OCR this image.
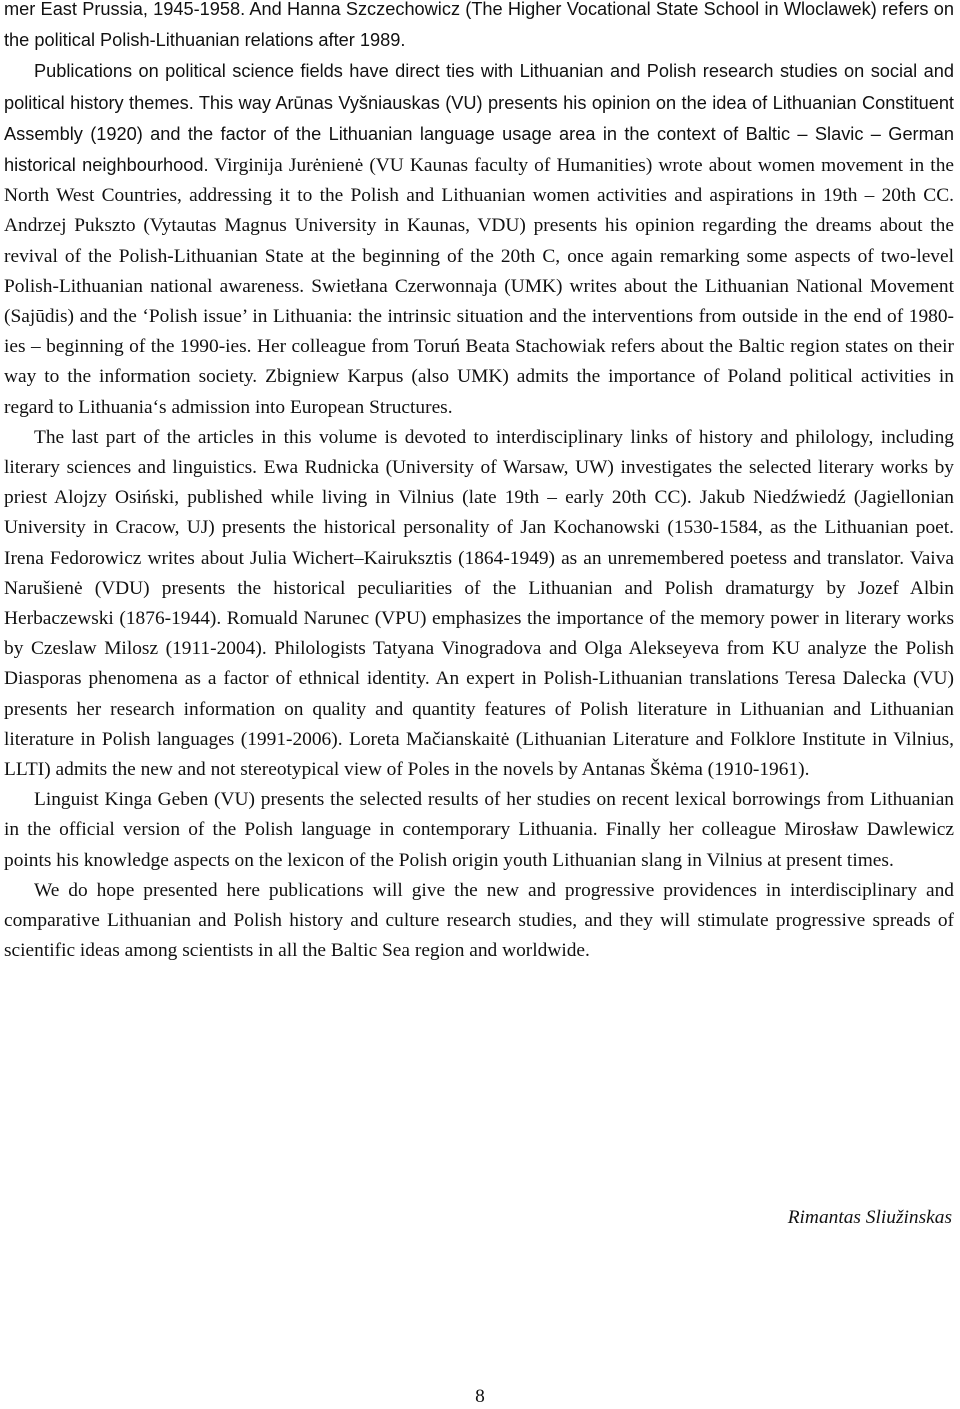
mer East Prussia, 1945-1958. And Hanna Szczechowicz (The Higher Vocational State School in Wloclawek) refers on the political Polish-Lithuanian relations after 1989.

Publications on political science fields have direct ties with Lithuanian and Polish research studies on social and political history themes. This way Arūnas Vyšniauskas (VU) presents his opinion on the idea of Lithuanian Constituent Assembly (1920) and the factor of the Lithuanian language usage area in the context of Baltic – Slavic – German historical neighbourhood. Virginija Jurėnienė (VU Kaunas faculty of Humanities) wrote about women movement in the North West Countries, addressing it to the Polish and Lithuanian women activities and aspirations in 19th – 20th CC. Andrzej Pukszto (Vytautas Magnus University in Kaunas, VDU) presents his opinion regarding the dreams about the revival of the Polish-Lithuanian State at the beginning of the 20th C, once again remarking some aspects of two-level Polish-Lithuanian national awareness. Swietłana Czerwonnaja (UMK) writes about the Lithuanian National Movement (Sajūdis) and the ‘Polish issue’ in Lithuania: the intrinsic situation and the interventions from outside in the end of 1980-ies – beginning of the 1990-ies. Her colleague from Toruń Beata Stachowiak refers about the Baltic region states on their way to the information society. Zbigniew Karpus (also UMK) admits the importance of Poland political activities in regard to Lithuania‘s admission into European Structures.

The last part of the articles in this volume is devoted to interdisciplinary links of history and philology, including literary sciences and linguistics. Ewa Rudnicka (University of Warsaw, UW) investigates the selected literary works by priest Alojzy Osiński, published while living in Vilnius (late 19th – early 20th CC). Jakub Niedźwiedź (Jagiellonian University in Cracow, UJ) presents the historical personality of Jan Kochanowski (1530-1584, as the Lithuanian poet. Irena Fedorowicz writes about Julia Wichert–Kairuksztis (1864-1949) as an unremembered poetess and translator. Vaiva Narušienė (VDU) presents the historical peculiarities of the Lithuanian and Polish dramaturgy by Jozef Albin Herbaczewski (1876-1944). Romuald Narunec (VPU) emphasizes the importance of the memory power in literary works by Czeslaw Milosz (1911-2004). Philologists Tatyana Vinogradova and Olga Alekseyeva from KU analyze the Polish Diasporas phenomena as a factor of ethnical identity. An expert in Polish-Lithuanian translations Teresa Dalecka (VU) presents her research information on quality and quantity features of Polish literature in Lithuanian and Lithuanian literature in Polish languages (1991-2006). Loreta Mačianskaitė (Lithuanian Literature and Folklore Institute in Vilnius, LLTI) admits the new and not stereotypical view of Poles in the novels by Antanas Škėma (1910-1961).

Linguist Kinga Geben (VU) presents the selected results of her studies on recent lexical borrowings from Lithuanian in the official version of the Polish language in contemporary Lithuania. Finally her colleague Mirosław Dawlewicz points his knowledge aspects on the lexicon of the Polish origin youth Lithuanian slang in Vilnius at present times.

We do hope presented here publications will give the new and progressive providences in interdisciplinary and comparative Lithuanian and Polish history and culture research studies, and they will stimulate progressive spreads of scientific ideas among scientists in all the Baltic Sea region and worldwide.

Rimantas Sliužinskas
8
